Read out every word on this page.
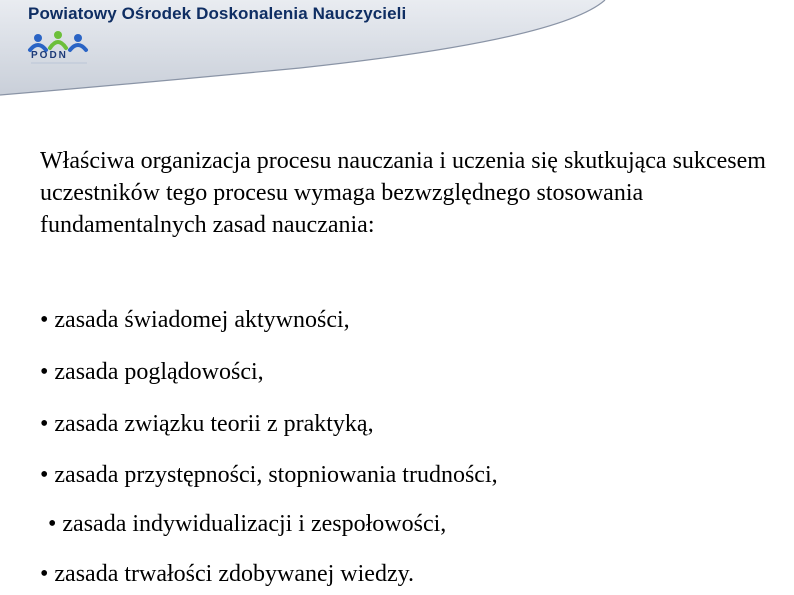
Powiatowy Ośrodek Doskonalenia Nauczycieli
PODN

Właściwa organizacja procesu nauczania i uczenia się skutkująca sukcesem uczestników tego procesu wymaga bezwzględnego stosowania fundamentalnych zasad nauczania:

• zasada świadomej aktywności,
• zasada poglądowości,
• zasada związku teorii z praktyką,
• zasada przystępności, stopniowania trudności,
• zasada indywidualizacji i zespołowości,
• zasada trwałości zdobywanej wiedzy.
